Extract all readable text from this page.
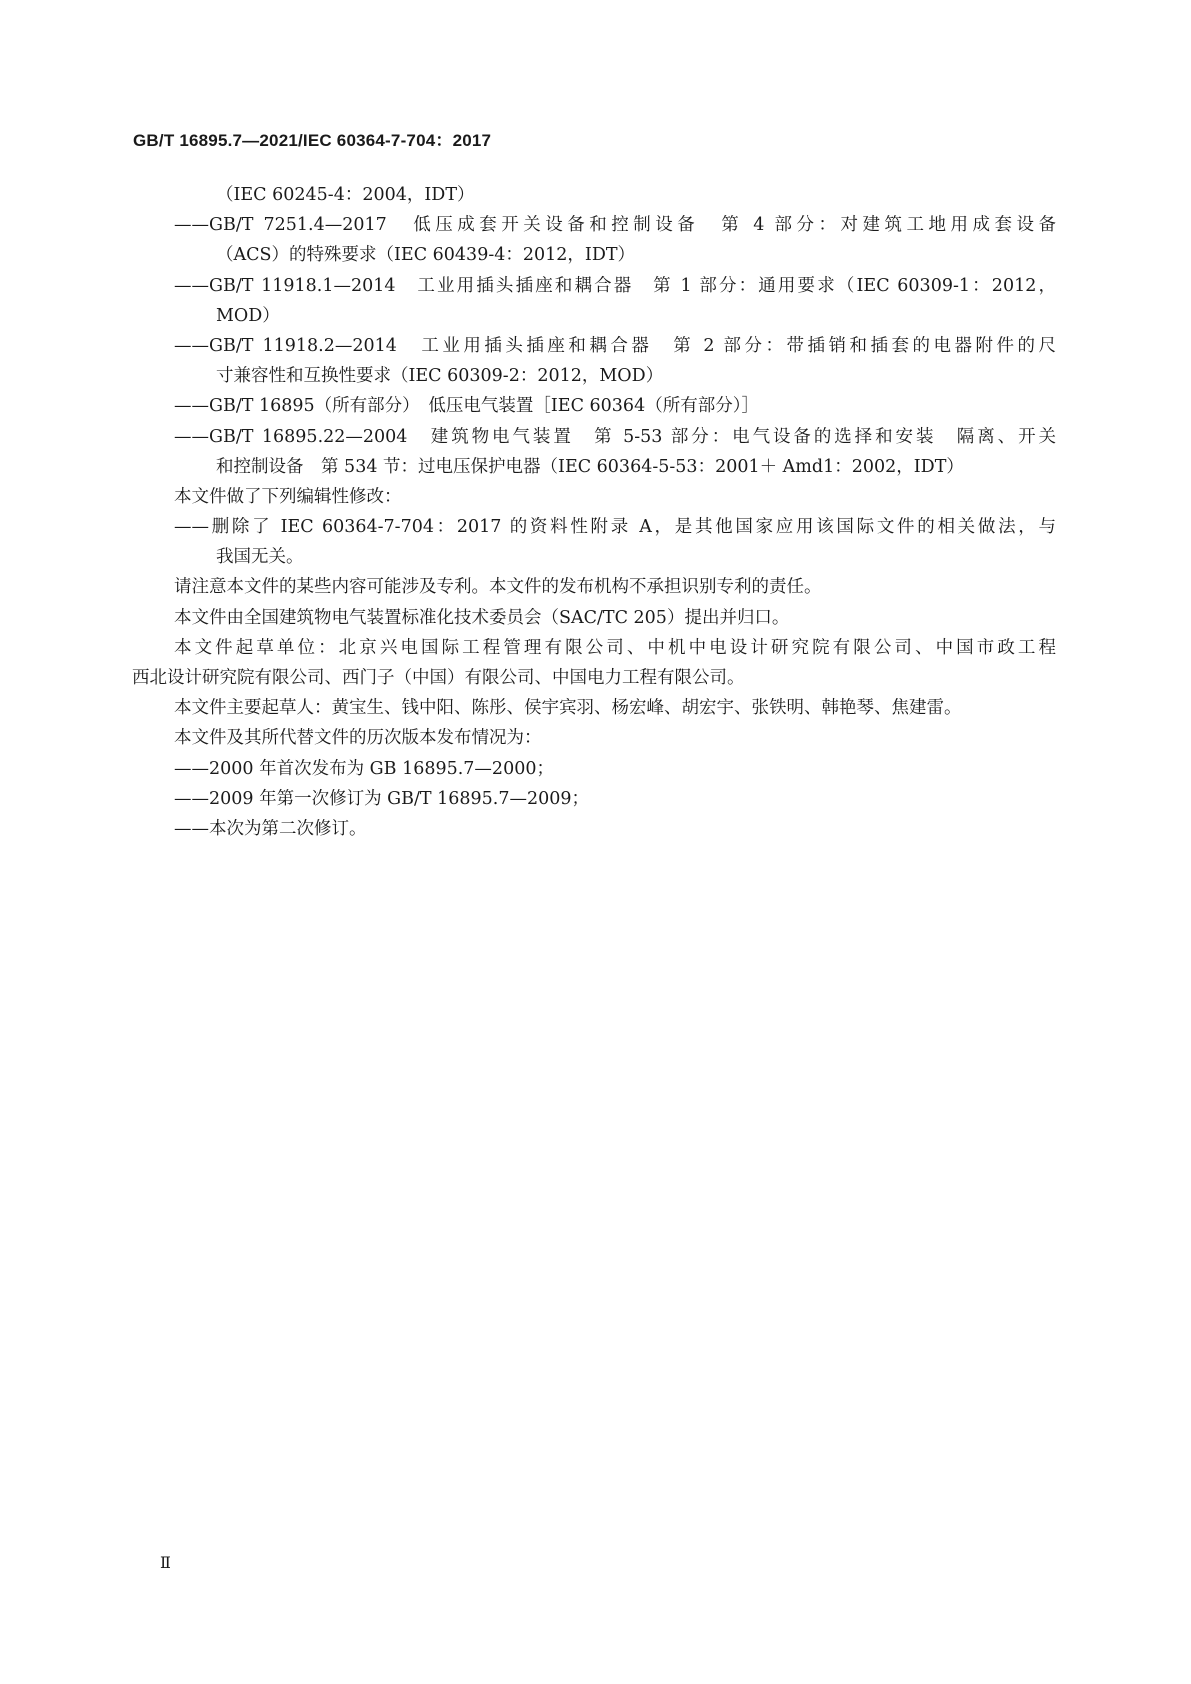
GB/T 16895.7—2021/IEC 60364-7-704：2017
（IEC 60245-4：2004，IDT）
——GB/T 7251.4—2017　低压成套开关设备和控制设备　第 4 部分：对建筑工地用成套设备
（ACS）的特殊要求（IEC 60439-4：2012，IDT）
——GB/T 11918.1—2014　工业用插头插座和耦合器　第 1 部分：通用要求（IEC 60309-1：2012，
MOD）
——GB/T 11918.2—2014　工业用插头插座和耦合器　第 2 部分：带插销和插套的电器附件的尺
寸兼容性和互换性要求（IEC 60309-2：2012，MOD）
——GB/T 16895（所有部分）　低压电气装置［IEC 60364（所有部分）］
——GB/T 16895.22—2004　建筑物电气装置　第 5-53 部分：电气设备的选择和安装　隔离、开关
和控制设备　第 534 节：过电压保护电器（IEC 60364-5-53：2001＋ Amd1：2002，IDT）
本文件做了下列编辑性修改：
——删除了 IEC 60364-7-704：2017 的资料性附录 A，是其他国家应用该国际文件的相关做法，与
我国无关。
请注意本文件的某些内容可能涉及专利。本文件的发布机构不承担识别专利的责任。
本文件由全国建筑物电气装置标准化技术委员会（SAC/TC 205）提出并归口。
本文件起草单位：北京兴电国际工程管理有限公司、中机中电设计研究院有限公司、中国市政工程
西北设计研究院有限公司、西门子（中国）有限公司、中国电力工程有限公司。
本文件主要起草人：黄宝生、钱中阳、陈彤、侯宇宾羽、杨宏峰、胡宏宇、张铁明、韩艳琴、焦建雷。
本文件及其所代替文件的历次版本发布情况为：
——2000 年首次发布为 GB 16895.7—2000；
——2009 年第一次修订为 GB/T 16895.7—2009；
——本次为第二次修订。
Ⅱ
